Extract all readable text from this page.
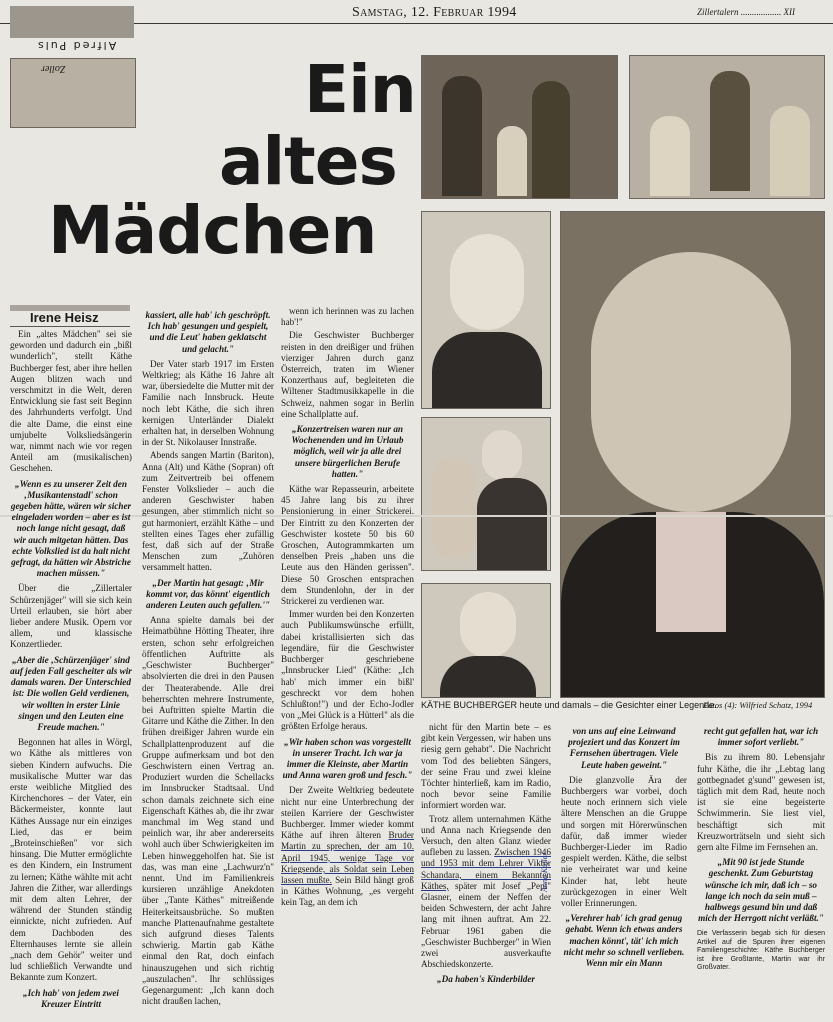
Samstag, 12. Februar 1994	Zillertalern .................. XII
Alfred Puls
Zoller	Ein
altes
Mädchen
Irene Heisz
KÄTHE BUCHBERGER heute und damals – die Gesichter einer Legende.
Fotos (4): Wilfried Schatz, 1994

Ein „altes Mädchen" sei sie geworden und dadurch ein „bißl wunderlich", stellt Käthe Buchberger fest, aber ihre hellen Augen blitzen wach und verschmitzt in die Welt, deren Entwicklung sie fast seit Beginn des Jahrhunderts verfolgt. Und die alte Dame, die einst eine umjubelte Volksliedsängerin war, nimmt nach wie vor regen Anteil am (musikalischen) Geschehen.

„Wenn es zu unserer Zeit den ‚Musikantenstadl' schon gegeben hätte, wären wir sicher eingeladen worden – aber es ist noch lange nicht gesagt, daß wir auch mitgetan hätten. Das echte Volkslied ist da halt nicht gefragt, da hätten wir Abstriche machen müssen."

Über die „Zillertaler Schürzenjäger" will sie sich kein Urteil erlauben, sie hört aber lieber andere Musik. Opern vor allem, und klassische Konzertlieder.

„Aber die ‚Schürzenjäger' sind auf jeden Fall gescheiter als wir damals waren. Der Unterschied ist: Die wollen Geld verdienen, wir wollten in erster Linie singen und den Leuten eine Freude machen."

Begonnen hat alles in Wörgl, wo Käthe als mittleres von sieben Kindern aufwuchs. Die musikalische Mutter war das erste weibliche Mitglied des Kirchenchores – der Vater, ein Bäckermeister, konnte laut Käthes Aussage nur ein einziges Lied, das er beim „Broteinschießen" vor sich hinsang. Die Mutter ermöglichte es den Kindern, ein Instrument zu lernen; Käthe wählte mit acht Jahren die Zither, war allerdings mit dem alten Lehrer, der während der Stunden ständig einnickte, nicht zufrieden. Auf dem Dachboden des Elternhauses lernte sie allein „nach dem Gehör" weiter und lud schließlich Verwandte und Bekannte zum Konzert.

„Ich hab' von jedem zwei Kreuzer Eintritt

kassiert, alle hab' ich geschröpft. Ich hab' gesungen und gespielt, und die Leut' haben geklatscht und gelacht."

Der Vater starb 1917 im Ersten Weltkrieg; als Käthe 16 Jahre alt war, übersiedelte die Mutter mit der Familie nach Innsbruck. Heute noch lebt Käthe, die sich ihren kernigen Unterländer Dialekt erhalten hat, in derselben Wohnung in der St. Nikolauser Innstraße.

Abends sangen Martin (Bariton), Anna (Alt) und Käthe (Sopran) oft zum Zeitvertreib bei offenem Fenster Volkslieder – auch die anderen Geschwister haben gesungen, aber stimmlich nicht so gut harmoniert, erzählt Käthe – und stellten eines Tages eher zufällig fest, daß sich auf der Straße Menschen zum „Zuhören versammelt hatten.

„Der Martin hat gesagt: ‚Mir kommt vor, das könnt' eigentlich anderen Leuten auch gefallen.'"

Anna spielte damals bei der Heimatbühne Hötting Theater, ihre ersten, schon sehr erfolgreichen öffentlichen Auftritte als „Geschwister Buchberger" absolvierten die drei in den Pausen der Theaterabende. Alle drei beherrschten mehrere Instrumente, bei Auftritten spielte Martin die Gitarre und Käthe die Zither. In den frühen dreißiger Jahren wurde ein Schallplattenproduzent auf die Gruppe aufmerksam und bot den Geschwistern einen Vertrag an. Produziert wurden die Schellacks im Innsbrucker Stadtsaal. Und schon damals zeichnete sich eine Eigenschaft Käthes ab, die ihr zwar manchmal im Weg stand und peinlich war, ihr aber andererseits wohl auch über Schwierigkeiten im Leben hinweggeholfen hat. Sie ist das, was man eine „Lachwurz'n" nennt. Und im Familienkreis kursieren unzählige Anekdoten über „Tante Käthes" mitreißende Heiterkeitsausbrüche. So mußten manche Plattenaufnahme gestaltete sich aufgrund dieses Talents schwierig. Martin gab Käthe einmal den Rat, doch einfach hinauszugehen und sich richtig „auszulachen". Ihr schlüssiges Gegenargument: „Ich kann doch nicht draußen lachen,

wenn ich herinnen was zu lachen hab'!"

Die Geschwister Buchberger reisten in den dreißiger und frühen vierziger Jahren durch ganz Österreich, traten im Wiener Konzerthaus auf, begleiteten die Wiltener Stadtmusikkapelle in die Schweiz, nahmen sogar in Berlin eine Schallplatte auf.

„Konzertreisen waren nur an Wochenenden und im Urlaub möglich, weil wir ja alle drei unsere bürgerlichen Berufe hatten."

Käthe war Repasseurin, arbeitete 45 Jahre lang bis zu ihrer Pensionierung in einer Strickerei. Der Eintritt zu den Konzerten der Geschwister kostete 50 bis 60 Groschen, Autogrammkarten um denselben Preis „haben uns die Leute aus den Händen gerissen". Diese 50 Groschen entsprachen dem Stundenlohn, der in der Strickerei zu verdienen war.

Immer wurden bei den Konzerten auch Publikumswünsche erfüllt, dabei kristallisierten sich das legendäre, für die Geschwister Buchberger geschriebene „Innsbrucker Lied" (Käthe: „Ich hab' mich immer ein bißl' geschreckt vor dem hohen Schlußton!") und der Echo-Jodler von „Mei Glück is a Hütterl" als die größten Erfolge heraus.

„Wir haben schon was vorgestellt in unserer Tracht. Ich war ja immer die Kleinste, aber Martin und Anna waren groß und fesch."

Der Zweite Weltkrieg bedeutete nicht nur eine Unterbrechung der steilen Karriere der Geschwister Buchberger. Immer wieder kommt Käthe auf ihren älteren Bruder Martin zu sprechen, der am 10. April 1945, wenige Tage vor Kriegsende, als Soldat sein Leben lassen mußte. Sein Bild hängt groß in Käthes Wohnung, „es vergeht kein Tag, an dem ich

nicht für den Martin bete – es gibt kein Vergessen, wir haben uns riesig gern gehabt". Die Nachricht vom Tod des beliebten Sängers, der seine Frau und zwei kleine Töchter hinterließ, kam im Radio, noch bevor seine Familie informiert worden war.

Trotz allem unternahmen Käthe und Anna nach Kriegsende den Versuch, den alten Glanz wieder aufleben zu lassen. Zwischen 1946 und 1953 mit dem Lehrer Viktor Schandara, einem Bekannten Käthes, später mit Josef „Pepi" Glasner, einem der Neffen der beiden Schwestern, der acht Jahre lang mit ihnen auftrat. Am 22. Februar 1961 gaben die „Geschwister Buchberger" in Wien zwei ausverkaufte Abschiedskonzerte.

„Da haben's Kinderbilder

Anna Kofler

von uns auf eine Leinwand projeziert und das Konzert im Fernsehen übertragen. Viele Leute haben geweint."

Die glanzvolle Ära der Buchbergers war vorbei, doch heute noch erinnern sich viele ältere Menschen an die Gruppe und sorgen mit Hörerwünschen dafür, daß immer wieder Buchberger-Lieder im Radio gespielt werden. Käthe, die selbst nie verheiratet war und keine Kinder hat, lebt heute zurückgezogen in einer Welt voller Erinnerungen.

„Verehrer hab' ich grad genug gehabt. Wenn ich etwas anders machen könnt', tät' ich mich nicht mehr so schnell verlieben. Wenn mir ein Mann

recht gut gefallen hat, war ich immer sofort verliebt."

Bis zu ihrem 80. Lebensjahr fuhr Käthe, die ihr „Lebtag lang gottbegnadet g'sund" gewesen ist, täglich mit dem Rad, heute noch ist sie eine begeisterte Schwimmerin. Sie liest viel, beschäftigt sich mit Kreuzworträtseln und sieht sich gern alte Filme im Fernsehen an.

„Mit 90 ist jede Stunde geschenkt. Zum Geburtstag wünsche ich mir, daß ich – so lange ich noch da sein muß – halbwegs gesund bin und daß mich der Herrgott nicht verläßt."

Die Verfasserin begab sich für diesen Artikel auf die Spuren ihrer eigenen Familiengeschichte: Käthe Buchberger ist ihre Großtante, Martin war ihr Großvater.
